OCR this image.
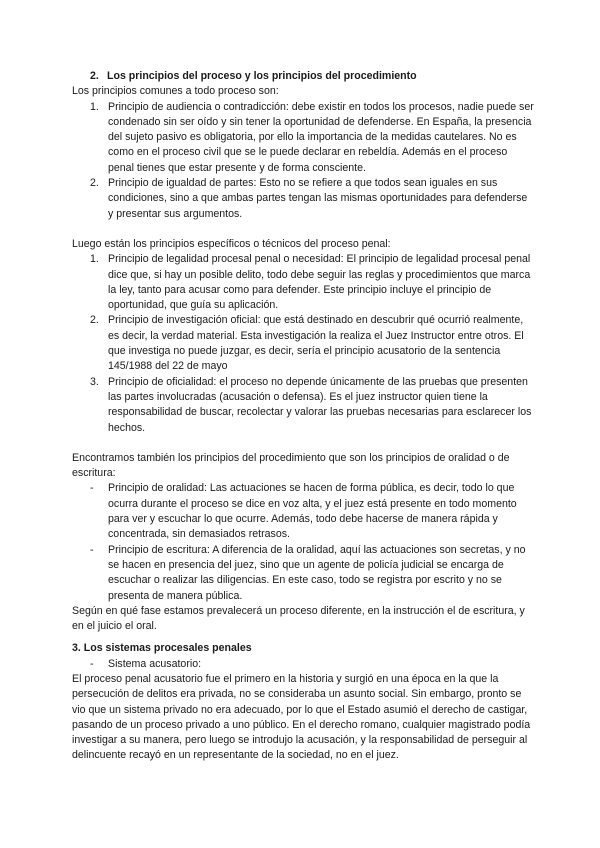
2. Los principios del proceso y los principios del procedimiento

Los principios comunes a todo proceso son:

1. Principio de audiencia o contradicción: debe existir en todos los procesos, nadie puede ser condenado sin ser oído y sin tener la oportunidad de defenderse. En España, la presencia del sujeto pasivo es obligatoria, por ello la importancia de la medidas cautelares. No es como en el proceso civil que se le puede declarar en rebeldía. Además en el proceso penal tienes que estar presente y de forma consciente.
2. Principio de igualdad de partes: Esto no se refiere a que todos sean iguales en sus condiciones, sino a que ambas partes tengan las mismas oportunidades para defenderse y presentar sus argumentos.

Luego están los principios específicos o técnicos del proceso penal:

1. Principio de legalidad procesal penal o necesidad: El principio de legalidad procesal penal dice que, si hay un posible delito, todo debe seguir las reglas y procedimientos que marca la ley, tanto para acusar como para defender. Este principio incluye el principio de oportunidad, que guía su aplicación.
2. Principio de investigación oficial: que está destinado en descubrir qué ocurrió realmente, es decir, la verdad material. Esta investigación la realiza el Juez Instructor entre otros. El que investiga no puede juzgar, es decir, sería el principio acusatorio de la sentencia 145/1988 del 22 de mayo
3. Principio de oficialidad: el proceso no depende únicamente de las pruebas que presenten las partes involucradas (acusación o defensa). Es el juez instructor quien tiene la responsabilidad de buscar, recolectar y valorar las pruebas necesarias para esclarecer los hechos.

Encontramos también los principios del procedimiento que son los principios de oralidad o de escritura:

- Principio de oralidad: Las actuaciones se hacen de forma pública, es decir, todo lo que ocurra durante el proceso se dice en voz alta, y el juez está presente en todo momento para ver y escuchar lo que ocurre. Además, todo debe hacerse de manera rápida y concentrada, sin demasiados retrasos.
- Principio de escritura: A diferencia de la oralidad, aquí las actuaciones son secretas, y no se hacen en presencia del juez, sino que un agente de policía judicial se encarga de escuchar o realizar las diligencias. En este caso, todo se registra por escrito y no se presenta de manera pública.

Según en qué fase estamos prevalecerá un proceso diferente, en la instrucción el de escritura, y en el juicio el oral.

3. Los sistemas procesales penales
- Sistema acusatorio:

El proceso penal acusatorio fue el primero en la historia y surgió en una época en la que la persecución de delitos era privada, no se consideraba un asunto social. Sin embargo, pronto se vio que un sistema privado no era adecuado, por lo que el Estado asumió el derecho de castigar, pasando de un proceso privado a uno público. En el derecho romano, cualquier magistrado podía investigar a su manera, pero luego se introdujo la acusación, y la responsabilidad de perseguir al delincuente recayó en un representante de la sociedad, no en el juez.
